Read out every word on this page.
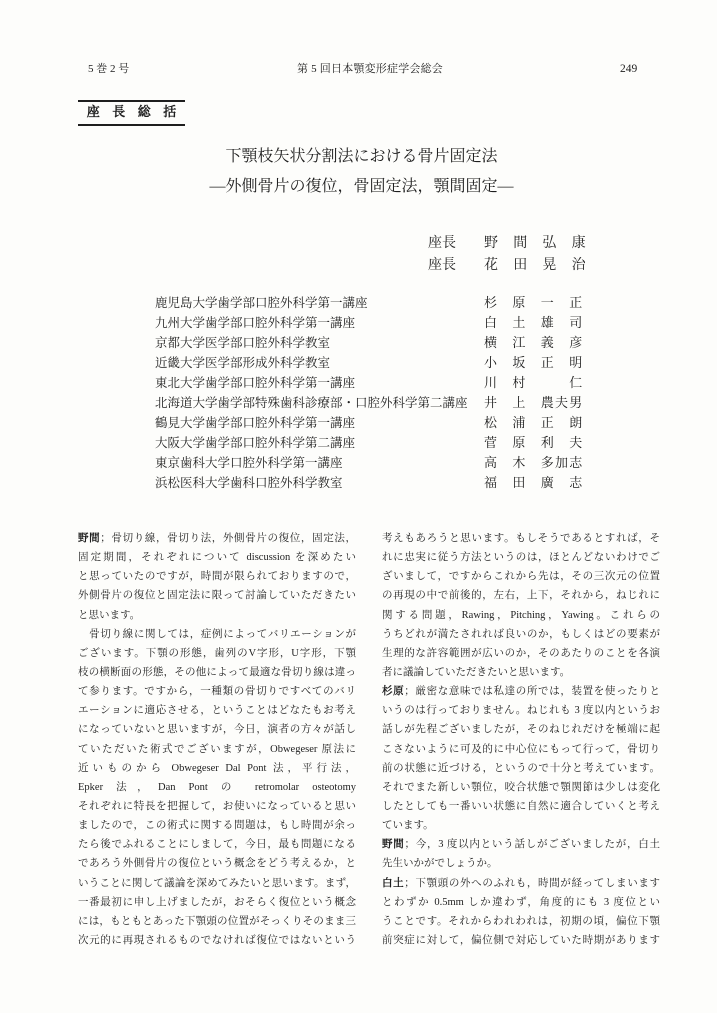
5 巻 2 号	第 5 回日本顎変形症学会総会	249
座 長 総 括
下顎枝矢状分割法における骨片固定法
―外側骨片の復位，骨固定法，顎間固定―
座長 野　間　弘　康
座長 花　田　晃　治
鹿児島大学歯学部口腔外科学第一講座	杉　原　一　正
九州大学歯学部口腔外科学第一講座	白　土　雄　司
京都大学医学部口腔外科学教室	横　江　義　彦
近畿大学医学部形成外科学教室	小　坂　正　明
東北大学歯学部口腔外科学第一講座	川　村　　　仁
北海道大学歯学部特殊歯科診療部・口腔外科学第二講座 井　上　農夫男
鶴見大学歯学部口腔外科学第一講座	松　浦　正　朗
大阪大学歯学部口腔外科学第二講座	菅　原　利　夫
東京歯科大学口腔外科学第一講座	高　木　多加志
浜松医科大学歯科口腔外科学教室	福　田　廣　志
野間；骨切り線，骨切り法，外側骨片の復位，固定法，
固定期間，それぞれについて discussion を深めたい
と思っていたのですが，時間が限られておりますので，
外側骨片の復位と固定法に限って討論していただきたい
と思います。
　骨切り線に関しては，症例によってバリエーションが
ございます。下顎の形態，歯列のV字形，U字形，下顎
枝の横断面の形態，その他によって最適な骨切り線は違っ
て参ります。ですから，一種類の骨切りですべてのバリ
エーションに適応させる，ということはどなたもお考え
になっていないと思いますが，今日，演者の方々が話し
ていただいた術式でございますが，Obwegeser 原法に
近いものから Obwegeser Dal Pont 法，平行法，
Epker 法，Dan Pont の retromolar osteotomy
それぞれに特長を把握して，お使いになっていると思い
ましたので，この術式に関する問題は，もし時間が余っ
たら後でふれることにしまして，今日，最も問題になる
であろう外側骨片の復位という概念をどう考えるか，と
いうことに関して議論を深めてみたいと思います。まず，
一番最初に申し上げましたが，おそらく復位という概念
には，もともとあった下顎頭の位置がそっくりそのまま三
次元的に再現されるものでなければ復位ではないという
考えもあろうと思います。もしそうであるとすれば，そ
れに忠実に従う方法というのは，ほとんどないわけでご
ざいまして，ですからこれから先は，その三次元の位置
の再現の中で前後的，左右，上下，それから，ねじれに
関する問題，Rawing，Pitching，Yawing。これらの
うちどれが満たされれば良いのか，もしくはどの要素が
生理的な許容範囲が広いのか，そのあたりのことを各演
者に議論していただきたいと思います。
杉原；厳密な意味では私達の所では，装置を使ったりと
いうのは行っておりません。ねじれも 3 度以内というお
話しが先程ございましたが，そのねじれだけを極端に起
こさないように可及的に中心位にもって行って，骨切り
前の状態に近づける，というので十分と考えています。
それでまた新しい顎位，咬合状態で顎関節は少しは変化
したとしても一番いい状態に自然に適合していくと考え
ています。
野間；今，3 度以内という話しがございましたが，白土
先生いかがでしょうか。
白土；下顎頭の外へのふれも，時間が経ってしまいます
とわずか 0.5mm しか違わず，角度的にも 3 度位とい
うことです。それからわれわれは，初期の頃，偏位下顎
前突症に対して，偏位側で対応していた時期があります
